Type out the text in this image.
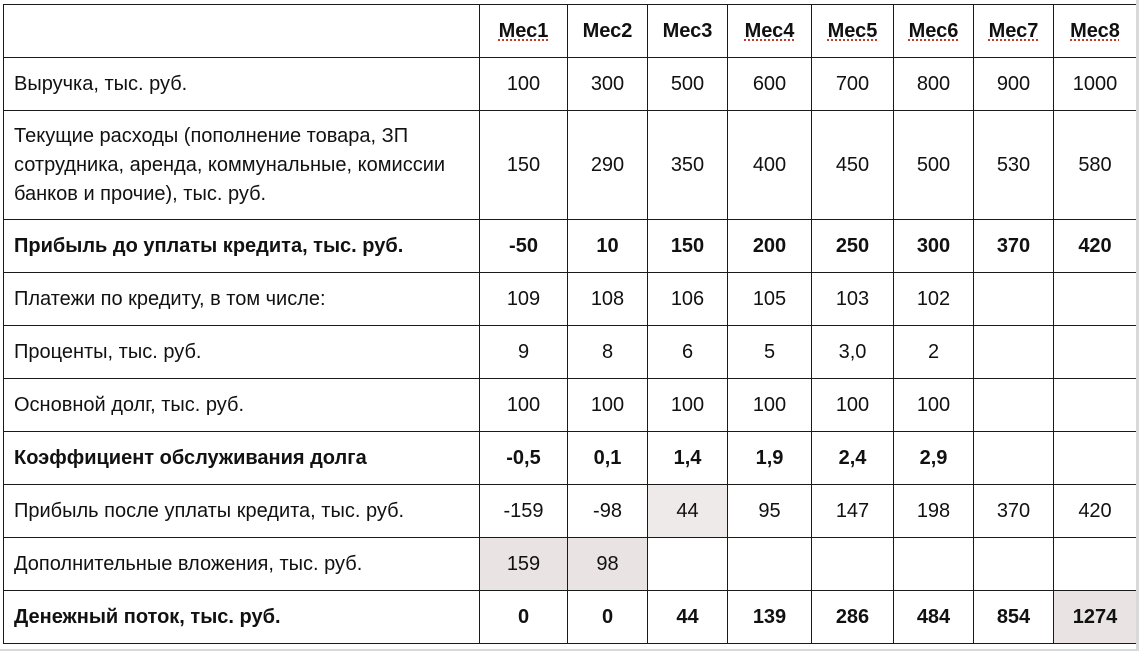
	Мес1	Мес2	Мес3	Мес4	Мес5	Мес6	Мес7	Мес8
Выручка, тыс. руб.	100	300	500	600	700	800	900	1000
Текущие расходы (пополнение товара, ЗП сотрудника, аренда, коммунальные, комиссии банков и прочие), тыс. руб.	150	290	350	400	450	500	530	580
Прибыль до уплаты кредита, тыс. руб.	-50	10	150	200	250	300	370	420
Платежи по кредиту, в том числе:	109	108	106	105	103	102		
Проценты, тыс. руб.	9	8	6	5	3,0	2		
Основной долг, тыс. руб.	100	100	100	100	100	100		
Коэффициент обслуживания долга	-0,5	0,1	1,4	1,9	2,4	2,9		
Прибыль после уплаты кредита, тыс. руб.	-159	-98	44	95	147	198	370	420
Дополнительные вложения, тыс. руб.	159	98						
Денежный поток, тыс. руб.	0	0	44	139	286	484	854	1274
